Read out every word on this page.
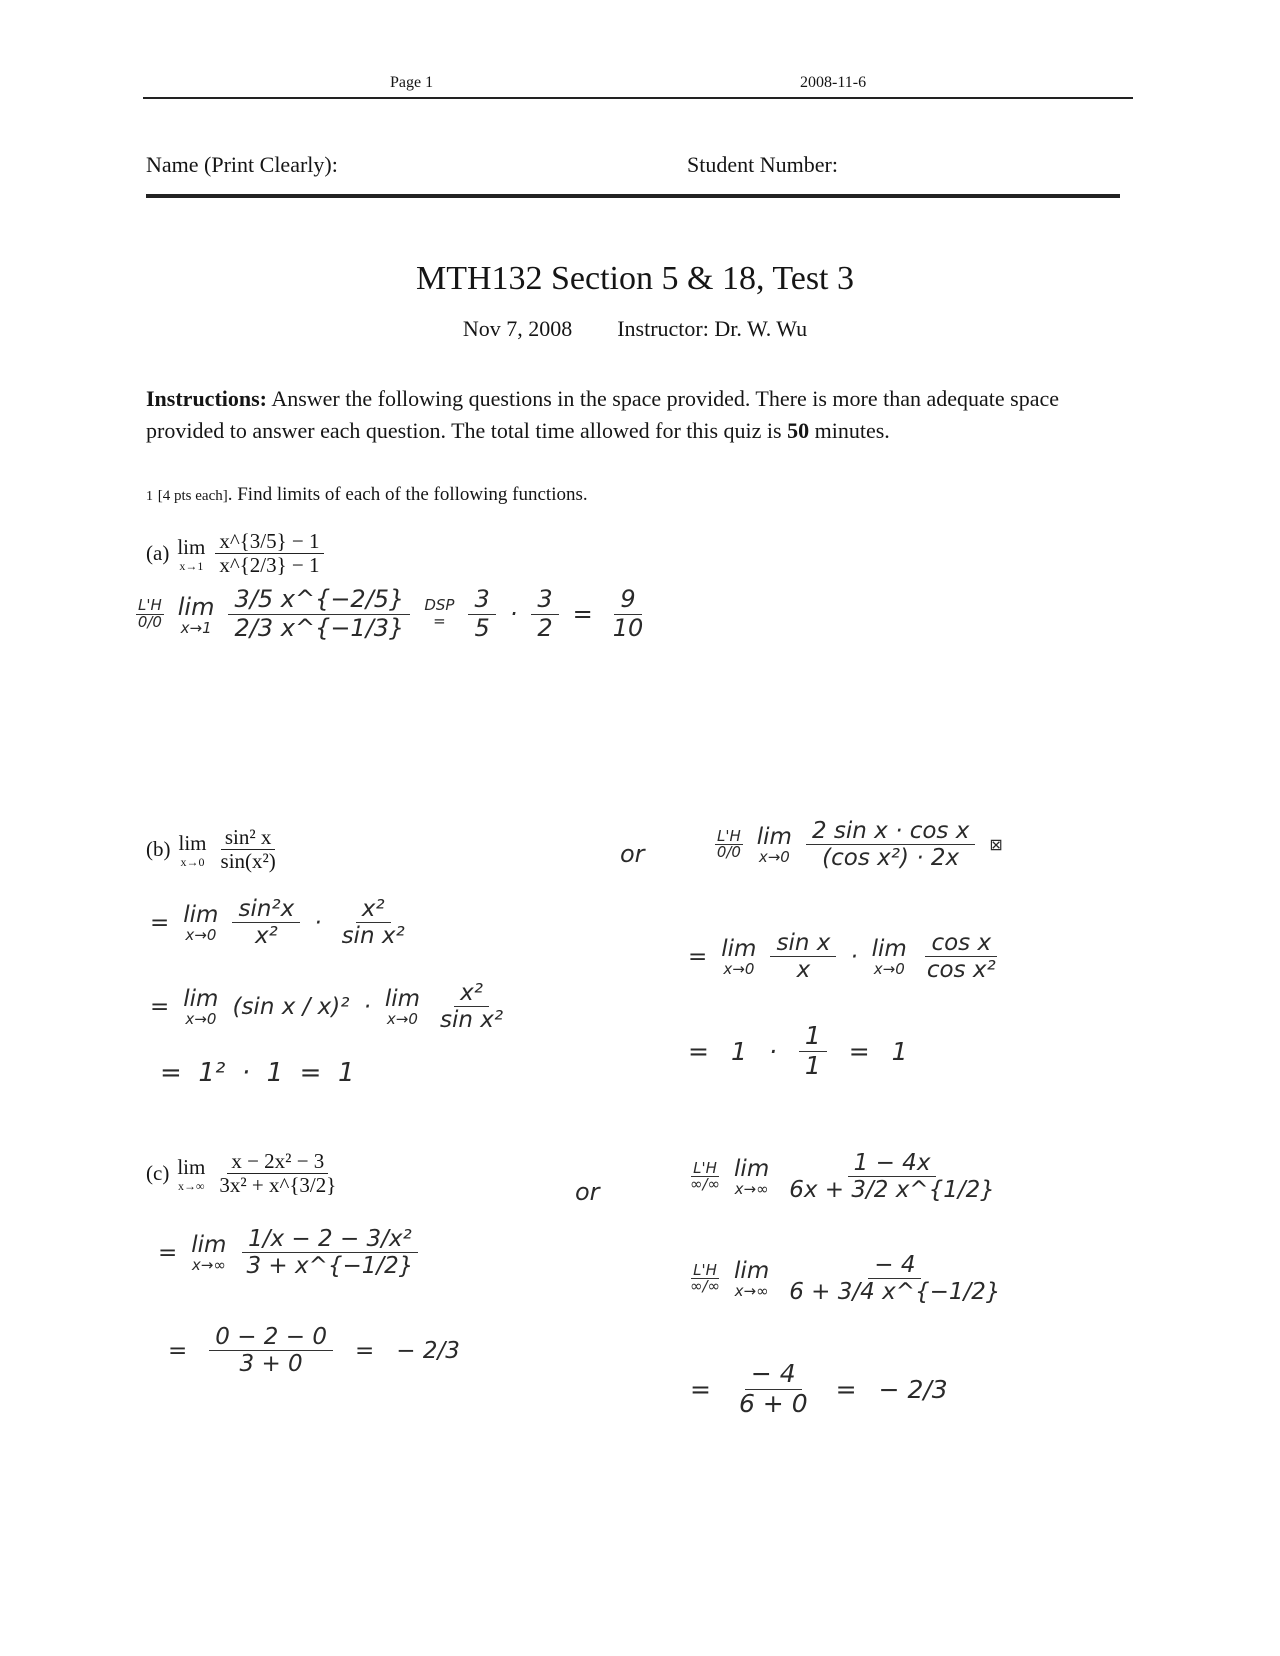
Page 1	2008-11-6
Name (Print Clearly):	Student Number:
MTH132 Section 5 & 18, Test 3
Nov 7, 2008 Instructor: Dr. W. Wu
Instructions: Answer the following questions in the space provided. There is more than adequate space provided to answer each question. The total time allowed for this quiz is 50 minutes.
1 [4 pts each]. Find limits of each of the following functions.
(a) lim
$x\to 1 \frac{x\^{}\{3/5\} - 1}{x\^{}\{2/3\} - 1}$
L'H
0/0
lim
$x\to 1 \frac{3/5 x\^{}\{-2/5\}}{2/3 x\^{}\{-1/3\}}$ DSP
= $\frac{3}{5} \cdot \frac{3}{2} = \frac{9}{10}$
(b) lim
$x\to 0 \frac{\text{sin² x}}{\text{sin(x²)}}$
= lim
$x\to 0 \frac{\text{sin²x}}{\text{x²}} \cdot \frac{\text{x²}}{\text{sin x²}}$
= lim
x→0 (sin x / x)² · lim
$x\to 0 \frac{\text{x²}}{\text{sin x²}}$
=  1²  ·  1  =  1
or
L'H
0/0
lim
$x\to 0 \frac{\text{2 sin x · cos x}}{\text{(cos x²) · 2x}}$ ⊠
= lim
$x\to 0 \frac{\text{sin x}}{x} \cdot \lim$
$x\to 0 \frac{\text{cos x}}{\text{cos x²}}$
= $1 \cdot \frac{1}{1} = 1$
(c) lim
$x\to\infty \frac{\text{x − 2x² − 3}}{\text{3x² + x\textasciicircum{}\{3/2\}}}$
= lim
$x\to\infty \frac{\text{1/x − 2 − 3/x²}}{3 + x\^{}\{-1/2\}}$
= $\frac{0 - 2 - 0}{3 + 0}$ = − 2/3
or
L'H
∞/∞
lim
$x\to\infty \frac{1 - 4x}{6x + 3/2 x\^{}\{1/2\}}$
L'H
∞/∞
lim
$x\to\infty \frac{- 4}{6 + 3/4 x\^{}\{-1/2\}}$
= $\frac{- 4}{6 + 0}$ = − 2/3
